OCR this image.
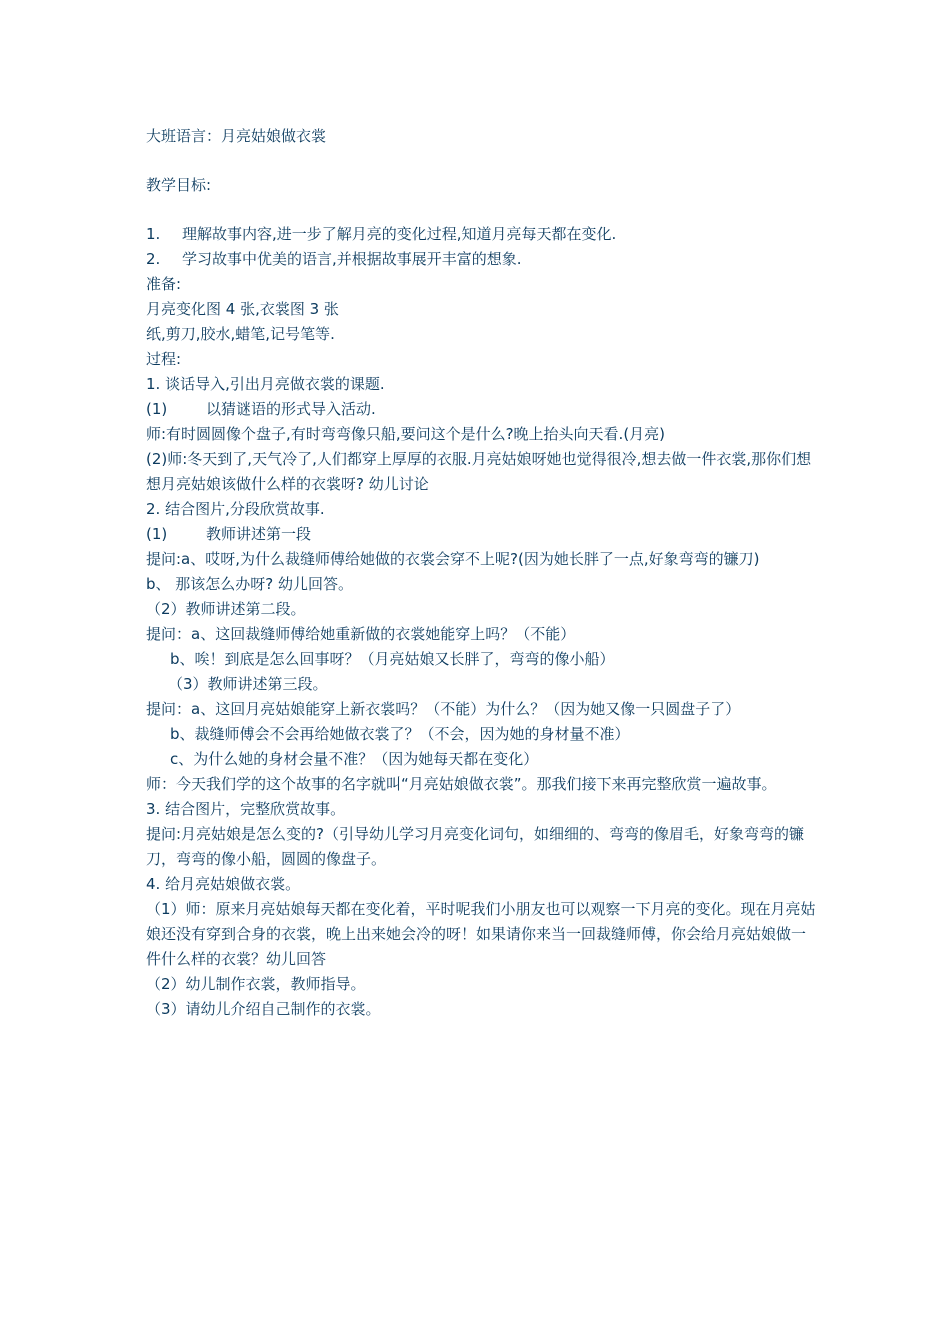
大班语言：月亮姑娘做衣裳
教学目标:
1. 理解故事内容,进一步了解月亮的变化过程,知道月亮每天都在变化.
2. 学习故事中优美的语言,并根据故事展开丰富的想象.
准备:
月亮变化图 4 张,衣裳图 3 张
纸,剪刀,胶水,蜡笔,记号笔等.
过程:
1. 谈话导入,引出月亮做衣裳的课题.
(1)	以猜谜语的形式导入活动.
师:有时圆圆像个盘子,有时弯弯像只船,要问这个是什么?晚上抬头向天看.(月亮)
(2)师:冬天到了,天气冷了,人们都穿上厚厚的衣服.月亮姑娘呀她也觉得很冷,想去做一件衣裳,那你们想想月亮姑娘该做什么样的衣裳呀? 幼儿讨论
2. 结合图片,分段欣赏故事.
(1)	教师讲述第一段
提问:a、哎呀,为什么裁缝师傅给她做的衣裳会穿不上呢?(因为她长胖了一点,好象弯弯的镰刀)
b、 那该怎么办呀? 幼儿回答。
（2）教师讲述第二段。
提问：a、这回裁缝师傅给她重新做的衣裳她能穿上吗？（不能）
b、唉！到底是怎么回事呀？（月亮姑娘又长胖了，弯弯的像小船）
（3）教师讲述第三段。
提问：a、这回月亮姑娘能穿上新衣裳吗？（不能）为什么？（因为她又像一只圆盘子了）
b、裁缝师傅会不会再给她做衣裳了？（不会，因为她的身材量不准）
c、为什么她的身材会量不准？（因为她每天都在变化）
师：今天我们学的这个故事的名字就叫“月亮姑娘做衣裳”。那我们接下来再完整欣赏一遍故事。
3. 结合图片，完整欣赏故事。
提问:月亮姑娘是怎么变的?（引导幼儿学习月亮变化词句，如细细的、弯弯的像眉毛，好象弯弯的镰刀，弯弯的像小船，圆圆的像盘子。
4. 给月亮姑娘做衣裳。
（1）师：原来月亮姑娘每天都在变化着，平时呢我们小朋友也可以观察一下月亮的变化。现在月亮姑娘还没有穿到合身的衣裳，晚上出来她会冷的呀！如果请你来当一回裁缝师傅，你会给月亮姑娘做一件什么样的衣裳？幼儿回答
（2）幼儿制作衣裳，教师指导。
（3）请幼儿介绍自己制作的衣裳。
